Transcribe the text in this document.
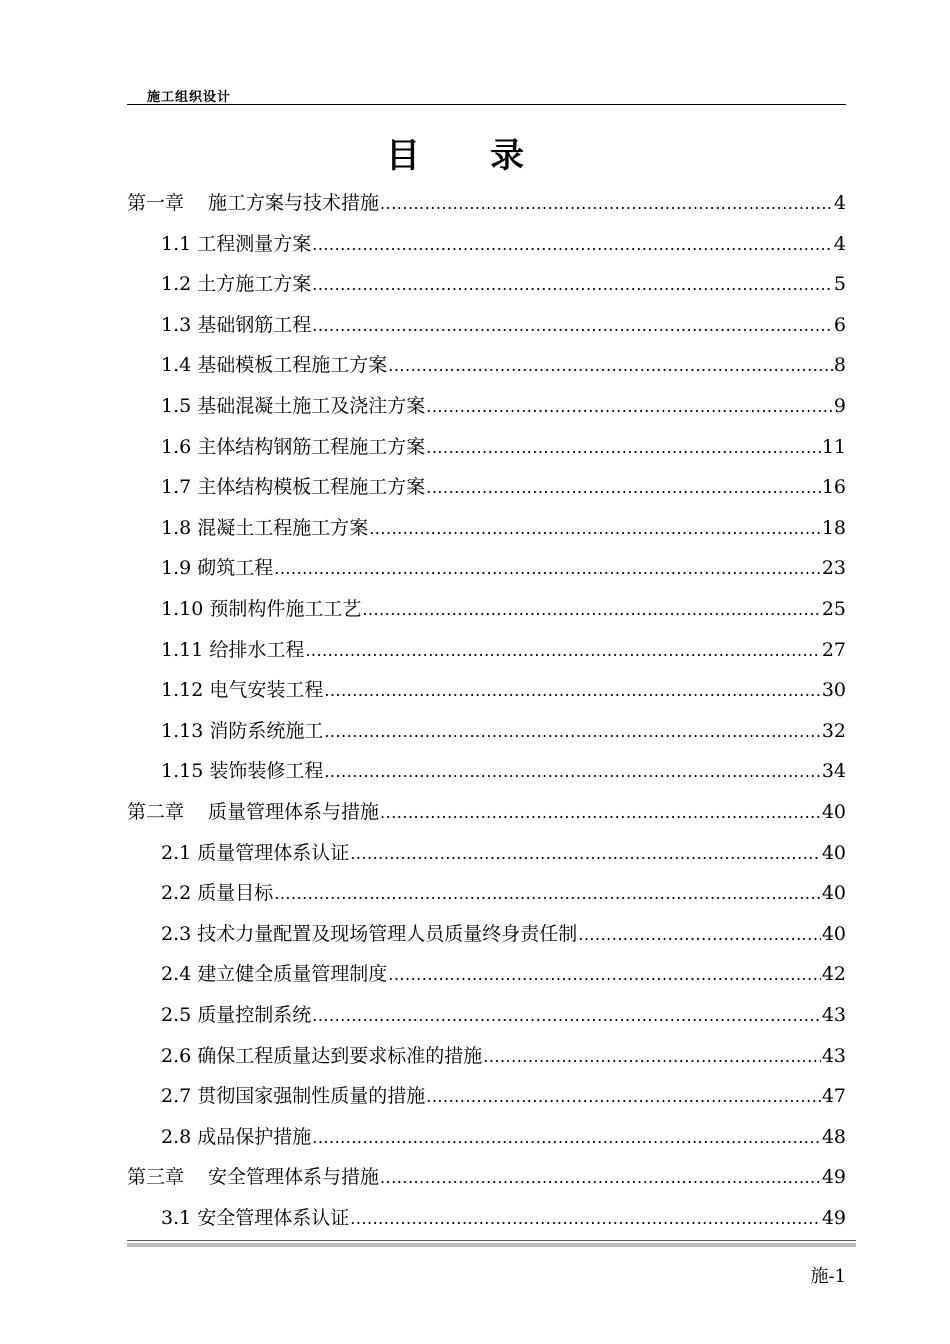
施工组织设计
目录
第一章 施工方案与技术措施 .....	4
1.1 工程测量方案 .....	4
1.2 土方施工方案 .....	5
1.3 基础钢筋工程 .....	6
1.4 基础模板工程施工方案 .....	8
1.5 基础混凝土施工及浇注方案 .....	9
1.6 主体结构钢筋工程施工方案 .....	11
1.7 主体结构模板工程施工方案 .....	16
1.8 混凝土工程施工方案 .....	18
1.9 砌筑工程 .....	23
1.10 预制构件施工工艺 .....	25
1.11 给排水工程 .....	27
1.12 电气安装工程 .....	30
1.13 消防系统施工 .....	32
1.15 装饰装修工程 .....	34
第二章 质量管理体系与措施 .....	40
2.1 质量管理体系认证 .....	40
2.2 质量目标 .....	40
2.3 技术力量配置及现场管理人员质量终身责任制 .....	40
2.4 建立健全质量管理制度 .....	42
2.5 质量控制系统 .....	43
2.6 确保工程质量达到要求标准的措施 .....	43
2.7 贯彻国家强制性质量的措施 .....	47
2.8 成品保护措施 .....	48
第三章 安全管理体系与措施 .....	49
3.1 安全管理体系认证 .....	49
施-1
